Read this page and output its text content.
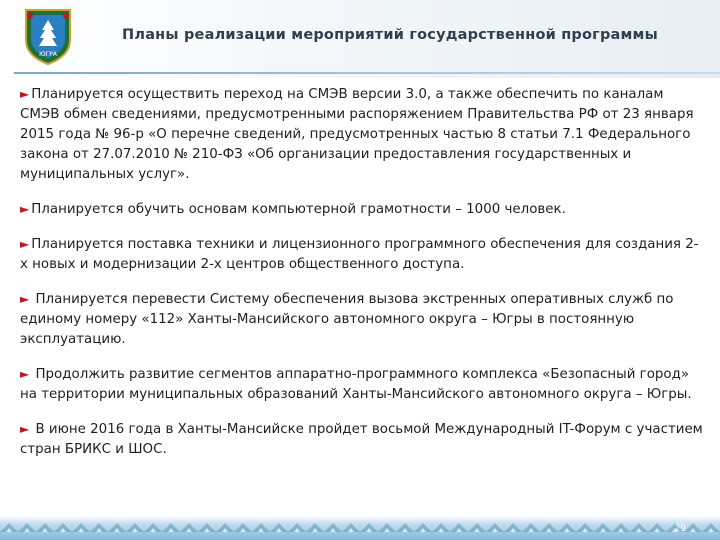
ЮГРА
Планы реализации мероприятий государственной программы

► Планируется осуществить переход на СМЭВ версии 3.0, а также обеспечить по каналам СМЭВ обмен сведениями, предусмотренными распоряжением Правительства РФ от 23 января 2015 года № 96-р «О перечне сведений, предусмотренных частью 8 статьи 7.1 Федерального закона от 27.07.2010 № 210-ФЗ «Об организации предоставления государственных и муниципальных услуг».

► Планируется обучить основам компьютерной грамотности – 1000 человек.

► Планируется поставка техники и лицензионного программного обеспечения для создания 2-х новых и модернизации 2-х центров общественного доступа.

► Планируется перевести Систему обеспечения вызова экстренных оперативных служб по единому номеру «112» Ханты-Мансийского автономного округа – Югры в постоянную эксплуатацию.

► Продолжить развитие сегментов аппаратно-программного комплекса «Безопасный город» на территории муниципальных образований Ханты-Мансийского автономного округа – Югры.

► В июне 2016 года в Ханты-Мансийске пройдет восьмой Международный IT-Форум с участием стран БРИКС и ШОС.

29
